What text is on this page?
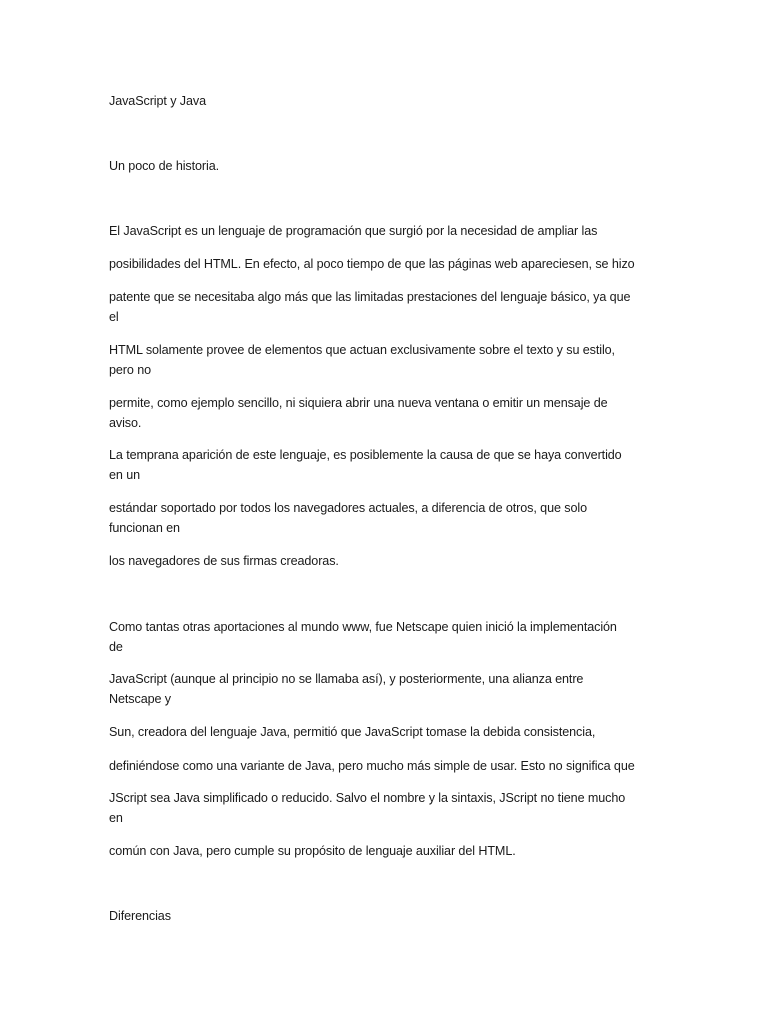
JavaScript y Java

Un poco de historia.

El JavaScript es un lenguaje de programación que surgió por la necesidad de ampliar las

posibilidades del HTML. En efecto, al poco tiempo de que las páginas web apareciesen, se hizo

patente que se necesitaba algo más que las limitadas prestaciones del lenguaje básico, ya que

el

HTML solamente provee de elementos que actuan exclusivamente sobre el texto y su estilo,

pero no

permite, como ejemplo sencillo, ni siquiera abrir una nueva ventana o emitir un mensaje de

aviso.

La temprana aparición de este lenguaje, es posiblemente la causa de que se haya convertido

en un

estándar soportado por todos los navegadores actuales, a diferencia de otros, que solo

funcionan en

los navegadores de sus firmas creadoras.

Como tantas otras aportaciones al mundo www, fue Netscape quien inició la implementación

de

JavaScript (aunque al principio no se llamaba así), y posteriormente, una alianza entre

Netscape y

Sun, creadora del lenguaje Java, permitió que JavaScript tomase la debida consistencia,

definiéndose como una variante de Java, pero mucho más simple de usar. Esto no significa que

JScript sea Java simplificado o reducido. Salvo el nombre y la sintaxis, JScript no tiene mucho

en

común con Java, pero cumple su propósito de lenguaje auxiliar del HTML.

Diferencias
